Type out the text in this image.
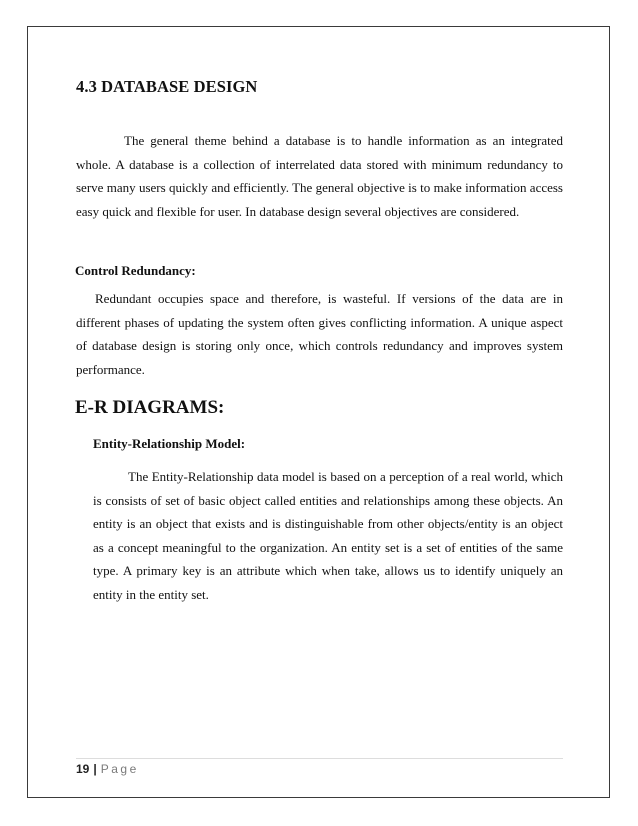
4.3 DATABASE DESIGN

The general theme behind a database is to handle information as an integrated whole. A database is a collection of interrelated data stored with minimum redundancy to serve many users quickly and efficiently. The general objective is to make information access easy quick and flexible for user. In database design several objectives are considered.

Control Redundancy:

Redundant occupies space and therefore, is wasteful. If versions of the data are in different phases of updating the system often gives conflicting information. A unique aspect of database design is storing only once, which controls redundancy and improves system performance.

E-R DIAGRAMS:
Entity-Relationship Model:

The Entity-Relationship data model is based on a perception of a real world, which is consists of set of basic object called entities and relationships among these objects. An entity is an object that exists and is distinguishable from other objects/entity is an object as a concept meaningful to the organization. An entity set is a set of entities of the same type. A primary key is an attribute which when take, allows us to identify uniquely an entity in the entity set.

19 | Page
